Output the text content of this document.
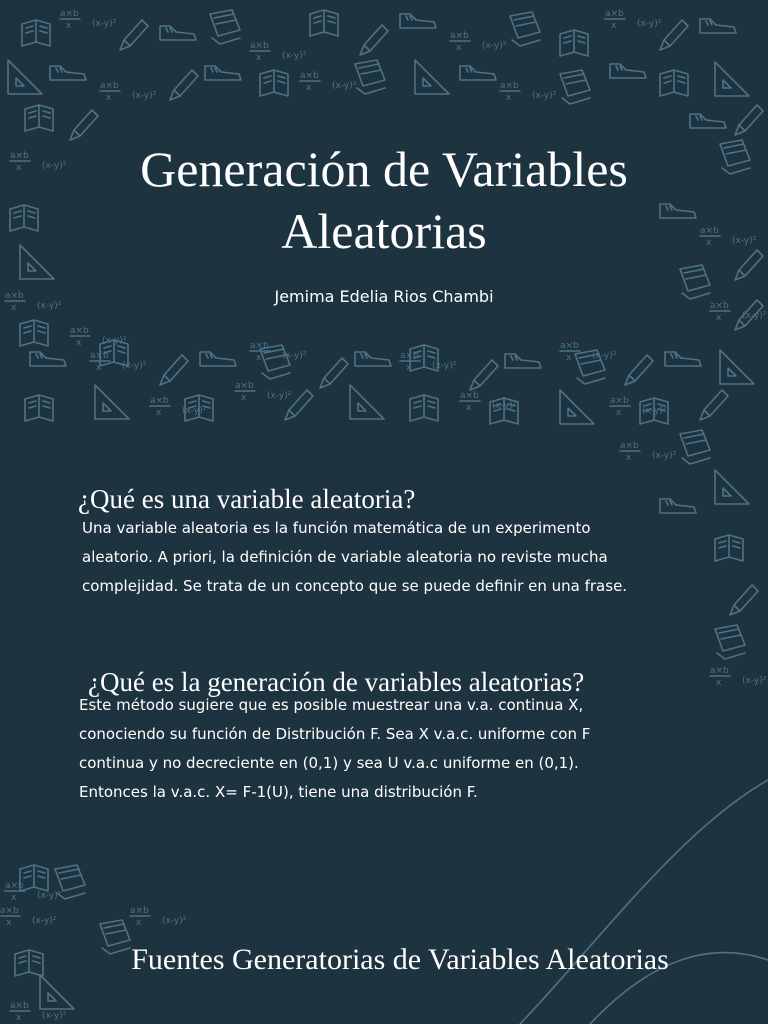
a×b
x	(x-y)²
Generación de Variables Aleatorias
Jemima Edelia Rios Chambi
¿Qué es una variable aleatoria?

Una variable aleatoria es la función matemática de un experimento aleatorio. A priori, la definición de variable aleatoria no reviste mucha complejidad. Se trata de un concepto que se puede definir en una frase.

¿Qué es la generación de variables aleatorias?

Este método sugiere que es posible muestrear una v.a. continua X, conociendo su función de Distribución F. Sea X v.a.c. uniforme con F continua y no decreciente en (0,1) y sea U v.a.c uniforme en (0,1). Entonces la v.a.c. X= F-1(U), tiene una distribución F.

Fuentes Generatorias de Variables Aleatorias
